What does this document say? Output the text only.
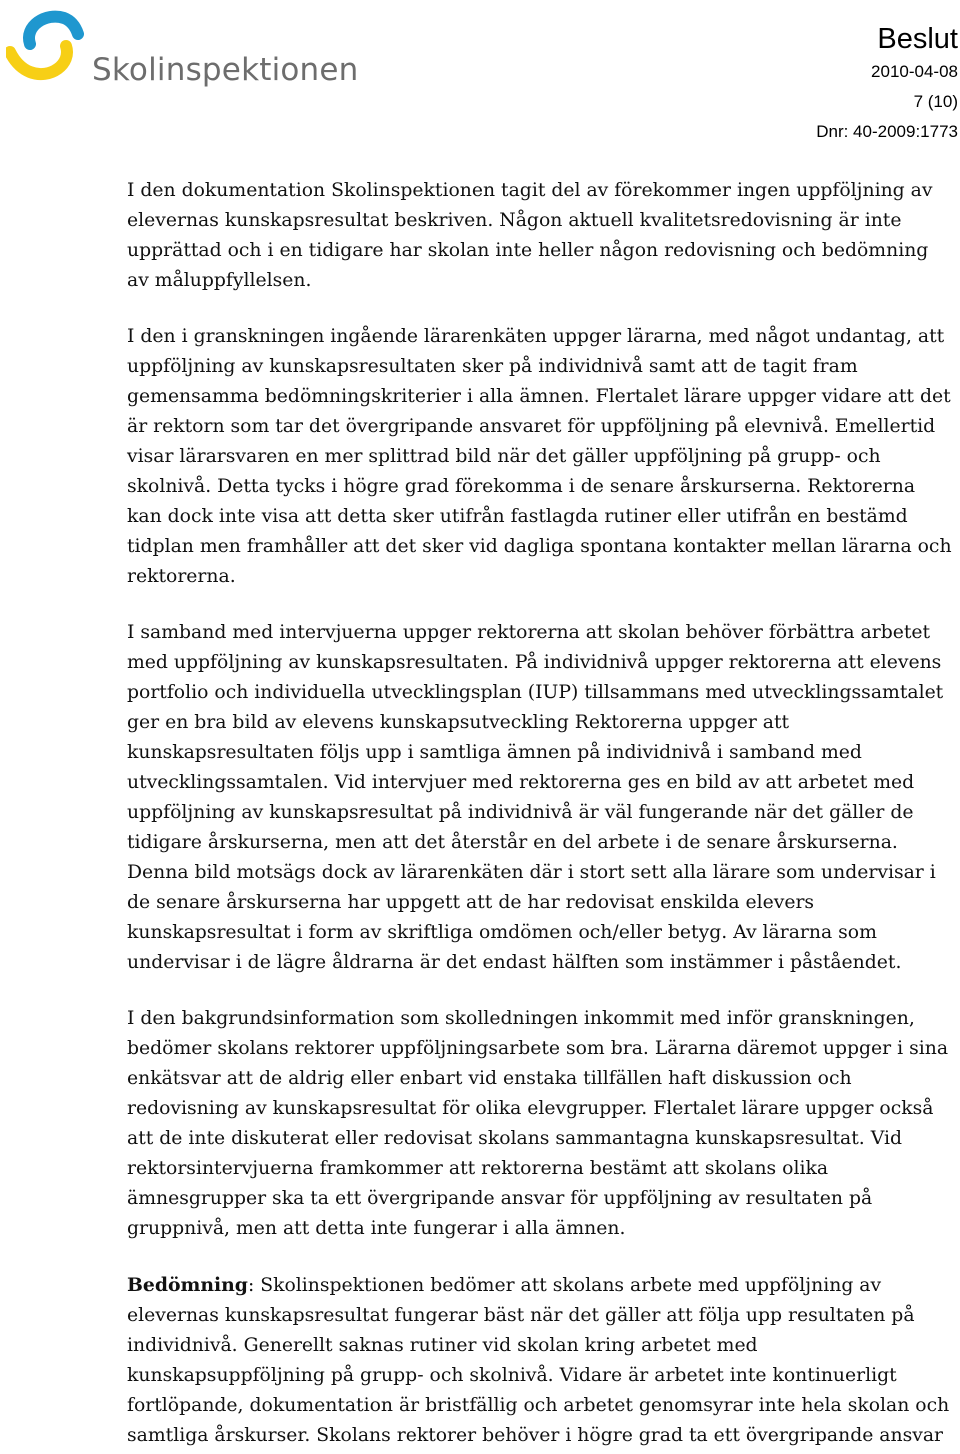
Skolinspektionen
Beslut
2010-04-08
7 (10)
Dnr: 40-2009:1773

I den dokumentation Skolinspektionen tagit del av förekommer ingen uppföljning av elevernas kunskapsresultat beskriven. Någon aktuell kvalitetsredovisning är inte upprättad och i en tidigare har skolan inte heller någon redovisning och bedömning av måluppfyllelsen.

I den i granskningen ingående lärarenkäten uppger lärarna, med något undantag, att uppföljning av kunskapsresultaten sker på individnivå samt att de tagit fram gemensamma bedömningskriterier i alla ämnen. Flertalet lärare uppger vidare att det är rektorn som tar det övergripande ansvaret för uppföljning på elevnivå. Emellertid visar lärarsvaren en mer splittrad bild när det gäller uppföljning på grupp- och skolnivå. Detta tycks i högre grad förekomma i de senare årskurserna. Rektorerna kan dock inte visa att detta sker utifrån fastlagda rutiner eller utifrån en bestämd tidplan men framhåller att det sker vid dagliga spontana kontakter mellan lärarna och rektorerna.

I samband med intervjuerna uppger rektorerna att skolan behöver förbättra arbetet med uppföljning av kunskapsresultaten. På individnivå uppger rektorerna att elevens portfolio och individuella utvecklingsplan (IUP) tillsammans med utvecklingssamtalet ger en bra bild av elevens kunskapsutveckling Rektorerna uppger att kunskapsresultaten följs upp i samtliga ämnen på individnivå i samband med utvecklingssamtalen. Vid intervjuer med rektorerna ges en bild av att arbetet med uppföljning av kunskapsresultat på individnivå är väl fungerande när det gäller de tidigare årskurserna, men att det återstår en del arbete i de senare årskurserna. Denna bild motsägs dock av lärarenkäten där i stort sett alla lärare som undervisar i de senare årskurserna har uppgett att de har redovisat enskilda elevers kunskapsresultat i form av skriftliga omdömen och/eller betyg. Av lärarna som undervisar i de lägre åldrarna är det endast hälften som instämmer i påståendet.

I den bakgrundsinformation som skolledningen inkommit med inför granskningen, bedömer skolans rektorer uppföljningsarbete som bra. Lärarna däremot uppger i sina enkätsvar att de aldrig eller enbart vid enstaka tillfällen haft diskussion och redovisning av kunskapsresultat för olika elevgrupper. Flertalet lärare uppger också att de inte diskuterat eller redovisat skolans sammantagna kunskapsresultat. Vid rektorsintervjuerna framkommer att rektorerna bestämt att skolans olika ämnesgrupper ska ta ett övergripande ansvar för uppföljning av resultaten på gruppnivå, men att detta inte fungerar i alla ämnen.

Bedömning: Skolinspektionen bedömer att skolans arbete med uppföljning av elevernas kunskapsresultat fungerar bäst när det gäller att följa upp resultaten på individnivå. Generellt saknas rutiner vid skolan kring arbetet med kunskapsuppföljning på grupp- och skolnivå. Vidare är arbetet inte kontinuerligt fortlöpande, dokumentation är bristfällig och arbetet genomsyrar inte hela skolan och samtliga årskurser. Skolans rektorer behöver i högre grad ta ett övergripande ansvar
